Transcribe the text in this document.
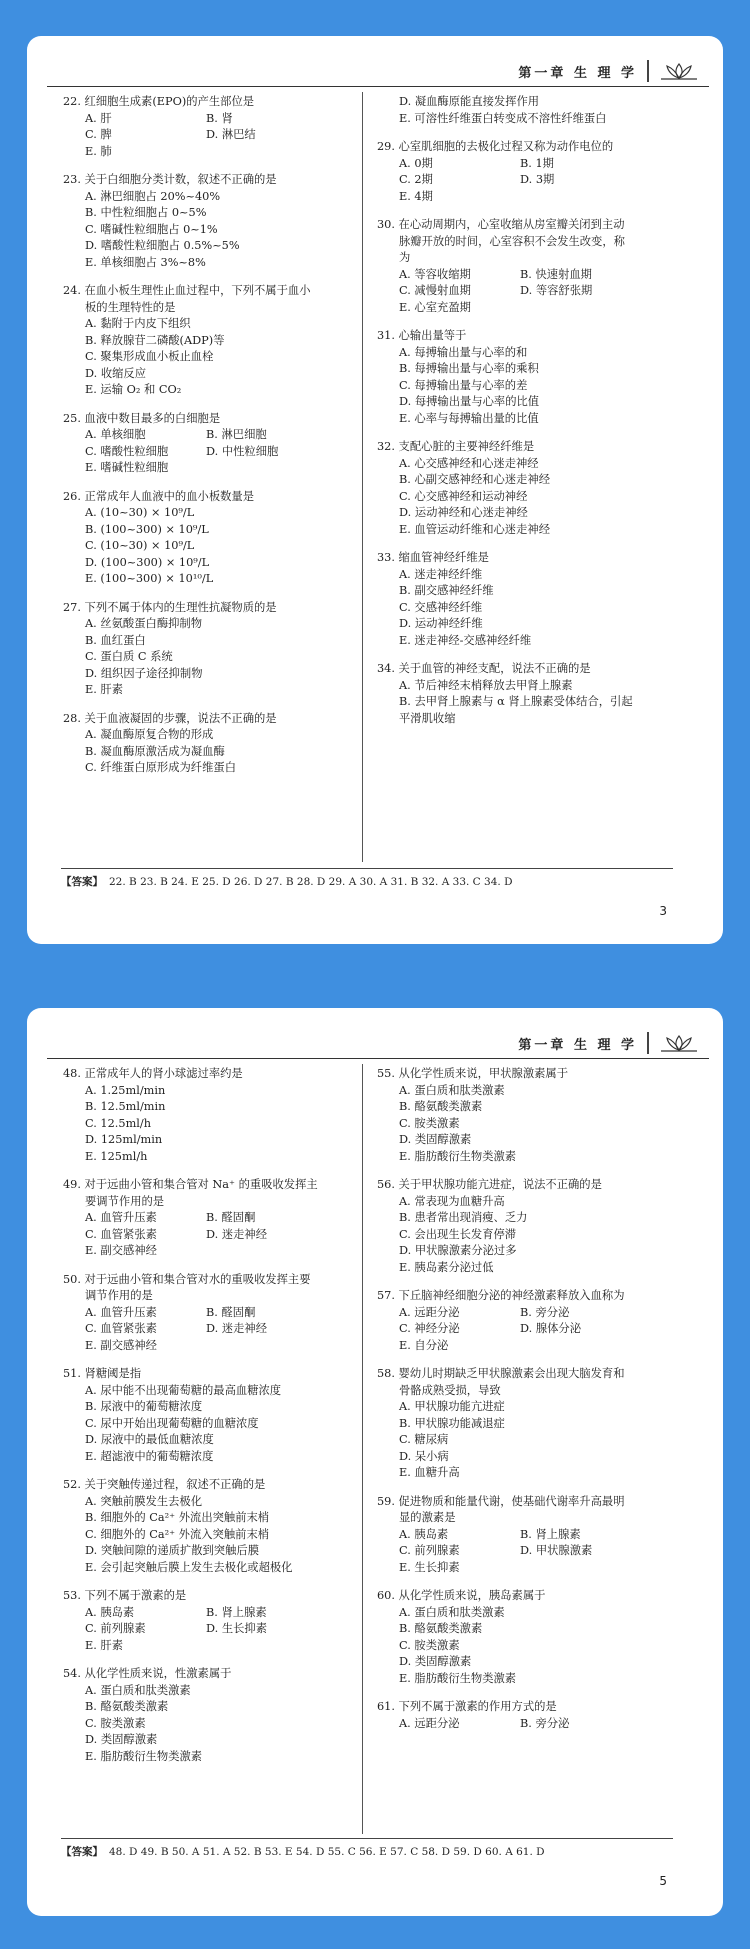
第一章 生 理 学
22. 红细胞生成素(EPO)的产生部位是
A. 肝	B. 肾
C. 脾	D. 淋巴结
E. 肺
23. 关于白细胞分类计数，叙述不正确的是
A. 淋巴细胞占 20%~40%
B. 中性粒细胞占 0~5%
C. 嗜碱性粒细胞占 0~1%
D. 嗜酸性粒细胞占 0.5%~5%
E. 单核细胞占 3%~8%
24. 在血小板生理性止血过程中，下列不属于血小板的生理特性的是
A. 黏附于内皮下组织
B. 释放腺苷二磷酸(ADP)等
C. 聚集形成血小板止血栓
D. 收缩反应
E. 运输 O₂ 和 CO₂
25. 血液中数目最多的白细胞是
A. 单核细胞	B. 淋巴细胞
C. 嗜酸性粒细胞	D. 中性粒细胞
E. 嗜碱性粒细胞
26. 正常成年人血液中的血小板数量是
A. (10~30) × 10⁹/L
B. (100~300) × 10⁹/L
C. (10~30) × 10⁹/L
D. (100~300) × 10⁹/L
E. (100~300) × 10¹⁰/L
27. 下列不属于体内的生理性抗凝物质的是
A. 丝氨酸蛋白酶抑制物
B. 血红蛋白
C. 蛋白质 C 系统
D. 组织因子途径抑制物
E. 肝素
28. 关于血液凝固的步骤，说法不正确的是
A. 凝血酶原复合物的形成
B. 凝血酶原激活成为凝血酶
C. 纤维蛋白原形成为纤维蛋白
D. 凝血酶原能直接发挥作用
E. 可溶性纤维蛋白转变成不溶性纤维蛋白
29. 心室肌细胞的去极化过程又称为动作电位的
A. 0期	B. 1期
C. 2期	D. 3期
E. 4期
30. 在心动周期内，心室收缩从房室瓣关闭到主动脉瓣开放的时间，心室容积不会发生改变，称为
A. 等容收缩期	B. 快速射血期
C. 减慢射血期	D. 等容舒张期
E. 心室充盈期
31. 心输出量等于
A. 每搏输出量与心率的和
B. 每搏输出量与心率的乘积
C. 每搏输出量与心率的差
D. 每搏输出量与心率的比值
E. 心率与每搏输出量的比值
32. 支配心脏的主要神经纤维是
A. 心交感神经和心迷走神经
B. 心副交感神经和心迷走神经
C. 心交感神经和运动神经
D. 运动神经和心迷走神经
E. 血管运动纤维和心迷走神经
33. 缩血管神经纤维是
A. 迷走神经纤维
B. 副交感神经纤维
C. 交感神经纤维
D. 运动神经纤维
E. 迷走神经-交感神经纤维
34. 关于血管的神经支配，说法不正确的是
A. 节后神经末梢释放去甲肾上腺素
B. 去甲肾上腺素与 α 肾上腺素受体结合，引起平滑肌收缩
【答案】 22. B 23. B 24. E 25. D 26. D 27. B 28. D 29. A 30. A 31. B 32. A 33. C 34. D
3
第一章 生 理 学
48. 正常成年人的肾小球滤过率约是
A. 1.25ml/min
B. 12.5ml/min
C. 12.5ml/h
D. 125ml/min
E. 125ml/h
49. 对于远曲小管和集合管对 Na⁺ 的重吸收发挥主要调节作用的是
A. 血管升压素	B. 醛固酮
C. 血管紧张素	D. 迷走神经
E. 副交感神经
50. 对于远曲小管和集合管对水的重吸收发挥主要调节作用的是
A. 血管升压素	B. 醛固酮
C. 血管紧张素	D. 迷走神经
E. 副交感神经
51. 肾糖阈是指
A. 尿中能不出现葡萄糖的最高血糖浓度
B. 尿液中的葡萄糖浓度
C. 尿中开始出现葡萄糖的血糖浓度
D. 尿液中的最低血糖浓度
E. 超滤液中的葡萄糖浓度
52. 关于突触传递过程，叙述不正确的是
A. 突触前膜发生去极化
B. 细胞外的 Ca²⁺ 外流出突触前末梢
C. 细胞外的 Ca²⁺ 外流入突触前末梢
D. 突触间隙的递质扩散到突触后膜
E. 会引起突触后膜上发生去极化或超极化
53. 下列不属于激素的是
A. 胰岛素	B. 肾上腺素
C. 前列腺素	D. 生长抑素
E. 肝素
54. 从化学性质来说，性激素属于
A. 蛋白质和肽类激素
B. 酪氨酸类激素
C. 胺类激素
D. 类固醇激素
E. 脂肪酸衍生物类激素
55. 从化学性质来说，甲状腺激素属于
A. 蛋白质和肽类激素
B. 酪氨酸类激素
C. 胺类激素
D. 类固醇激素
E. 脂肪酸衍生物类激素
56. 关于甲状腺功能亢进症，说法不正确的是
A. 常表现为血糖升高
B. 患者常出现消瘦、乏力
C. 会出现生长发育停滞
D. 甲状腺激素分泌过多
E. 胰岛素分泌过低
57. 下丘脑神经细胞分泌的神经激素释放入血称为
A. 远距分泌	B. 旁分泌
C. 神经分泌	D. 腺体分泌
E. 自分泌
58. 婴幼儿时期缺乏甲状腺激素会出现大脑发育和骨骼成熟受损，导致
A. 甲状腺功能亢进症
B. 甲状腺功能减退症
C. 糖尿病
D. 呆小病
E. 血糖升高
59. 促进物质和能量代谢，使基础代谢率升高最明显的激素是
A. 胰岛素	B. 肾上腺素
C. 前列腺素	D. 甲状腺激素
E. 生长抑素
60. 从化学性质来说，胰岛素属于
A. 蛋白质和肽类激素
B. 酪氨酸类激素
C. 胺类激素
D. 类固醇激素
E. 脂肪酸衍生物类激素
61. 下列不属于激素的作用方式的是
A. 远距分泌	B. 旁分泌
【答案】 48. D 49. B 50. A 51. A 52. B 53. E 54. D 55. C 56. E 57. C 58. D 59. D 60. A 61. D
5
